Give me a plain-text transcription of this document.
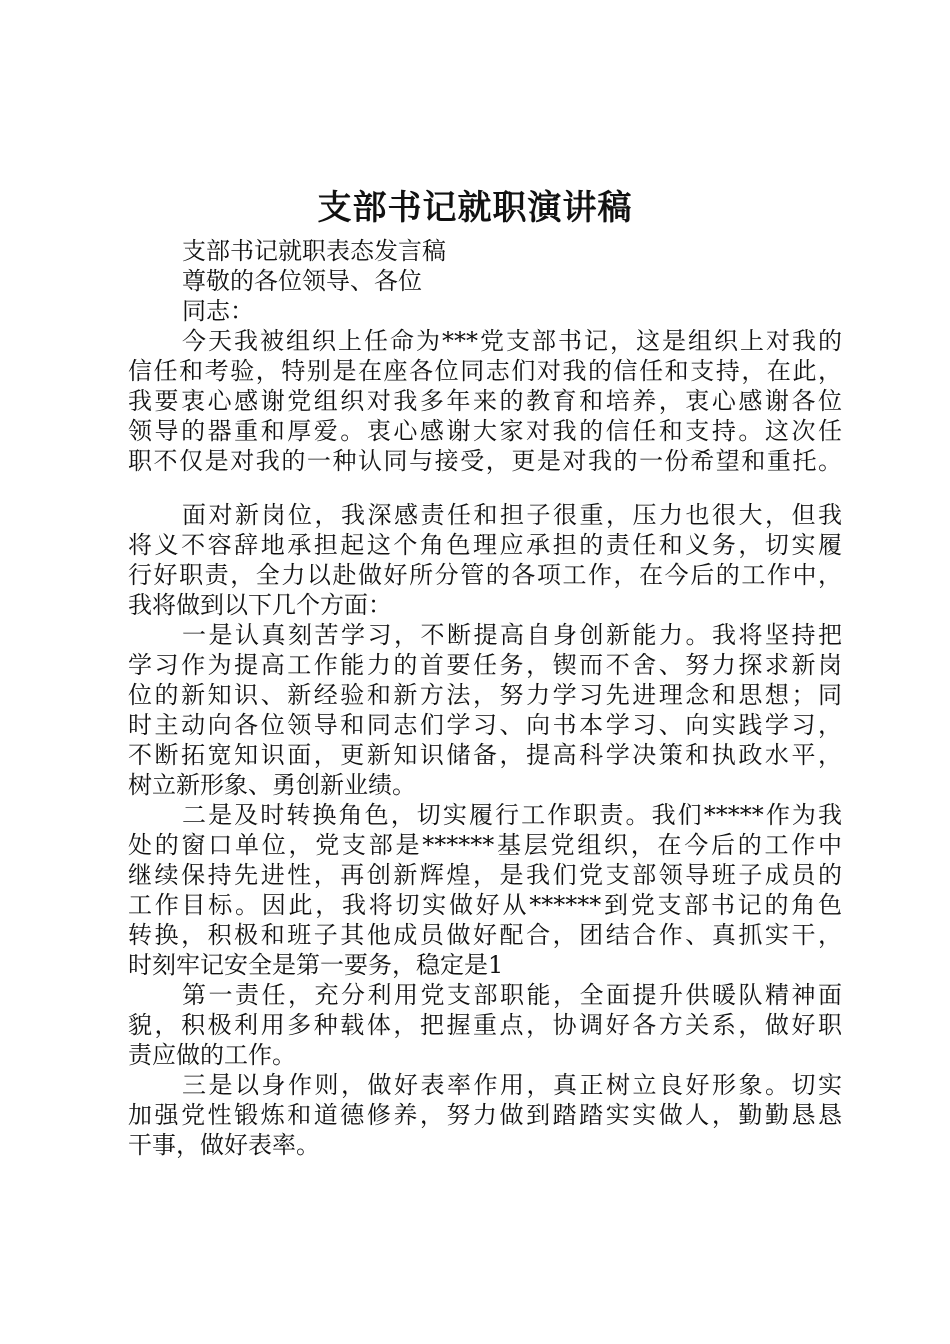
支部书记就职演讲稿
支部书记就职表态发言稿
尊敬的各位领导、各位
同志：
今天我被组织上任命为***党支部书记，这是组织上对我的
信任和考验，特别是在座各位同志们对我的信任和支持，在此，
我要衷心感谢党组织对我多年来的教育和培养，衷心感谢各位
领导的器重和厚爱。衷心感谢大家对我的信任和支持。这次任
职不仅是对我的一种认同与接受，更是对我的一份希望和重托。
面对新岗位，我深感责任和担子很重，压力也很大，但我
将义不容辞地承担起这个角色理应承担的责任和义务，切实履
行好职责，全力以赴做好所分管的各项工作，在今后的工作中，
我将做到以下几个方面：
一是认真刻苦学习，不断提高自身创新能力。我将坚持把
学习作为提高工作能力的首要任务，锲而不舍、努力探求新岗
位的新知识、新经验和新方法，努力学习先进理念和思想；同
时主动向各位领导和同志们学习、向书本学习、向实践学习，
不断拓宽知识面，更新知识储备，提高科学决策和执政水平，
树立新形象、勇创新业绩。
二是及时转换角色，切实履行工作职责。我们*****作为我
处的窗口单位，党支部是******基层党组织，在今后的工作中
继续保持先进性，再创新辉煌，是我们党支部领导班子成员的
工作目标。因此，我将切实做好从******到党支部书记的角色
转换，积极和班子其他成员做好配合，团结合作、真抓实干，
时刻牢记安全是第一要务，稳定是1
第一责任，充分利用党支部职能，全面提升供暖队精神面
貌，积极利用多种载体，把握重点，协调好各方关系，做好职
责应做的工作。
三是以身作则，做好表率作用，真正树立良好形象。切实
加强党性锻炼和道德修养，努力做到踏踏实实做人，勤勤恳恳
干事，做好表率。
